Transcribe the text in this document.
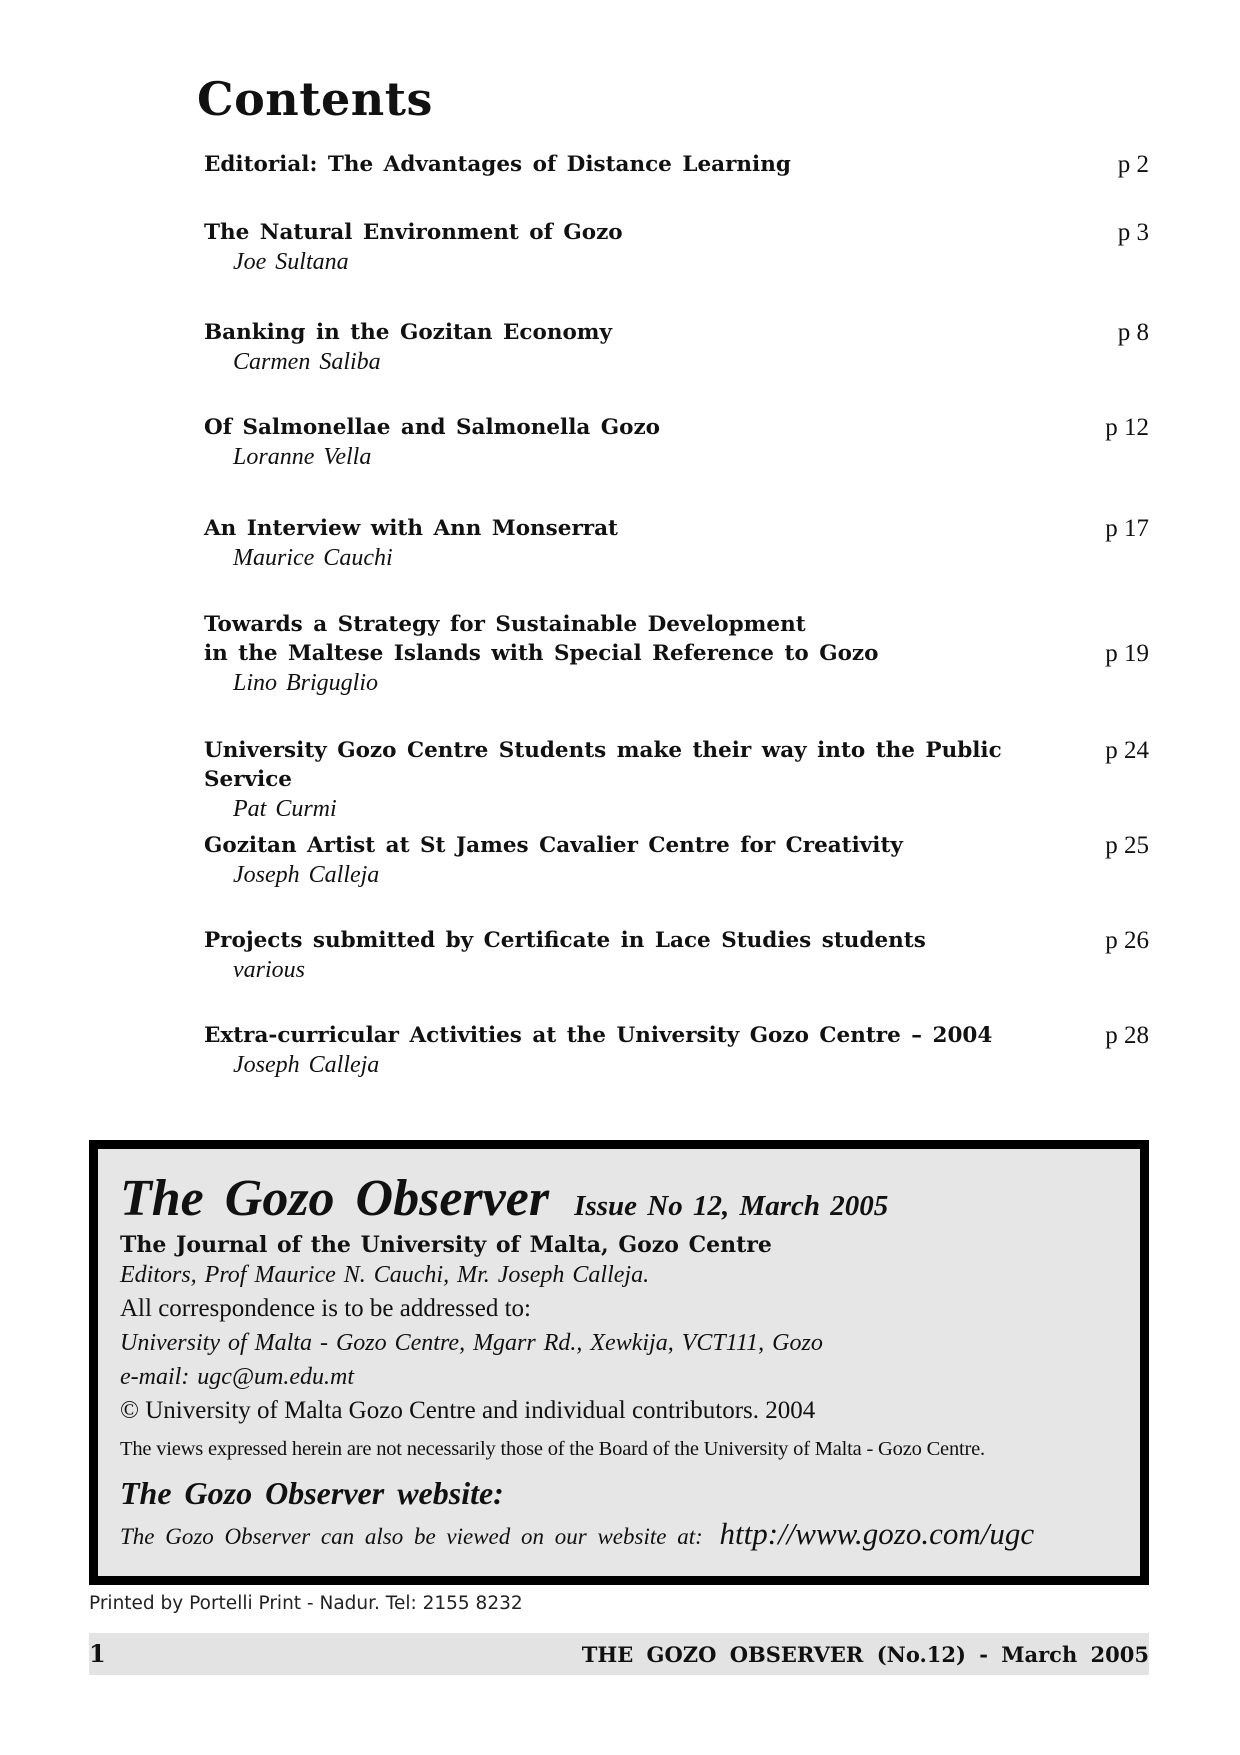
Contents
p 2
Editorial: The Advantages of Distance Learning
p 3
The Natural Environment of Gozo
Joe Sultana
p 8
Banking in the Gozitan Economy
Carmen Saliba
p 12
Of Salmonellae and Salmonella Gozo
Loranne Vella
p 17
An Interview with Ann Monserrat
Maurice Cauchi
p 19
Towards a Strategy for Sustainable Development
in the Maltese Islands with Special Reference to Gozo
Lino Briguglio
p 24
University Gozo Centre Students make their way into the Public Service
Pat Curmi
p 25
Gozitan Artist at St James Cavalier Centre for Creativity
Joseph Calleja
p 26
Projects submitted by Certificate in Lace Studies students
various
p 28
Extra-curricular Activities at the University Gozo Centre – 2004
Joseph Calleja
The Gozo Observer Issue No 12, March 2005
The Journal of the University of Malta, Gozo Centre
Editors, Prof Maurice N. Cauchi, Mr. Joseph Calleja.
All correspondence is to be addressed to:
University of Malta - Gozo Centre, Mgarr Rd., Xewkija, VCT111, Gozo
e-mail: ugc@um.edu.mt
© University of Malta Gozo Centre and individual contributors. 2004
The views expressed herein are not necessarily those of the Board of the University of Malta - Gozo Centre.
The Gozo Observer website:
The Gozo Observer can also be viewed on our website at: http://www.gozo.com/ugc
Printed by Portelli Print - Nadur. Tel: 2155 8232
1	THE GOZO OBSERVER (No.12) - March 2005
